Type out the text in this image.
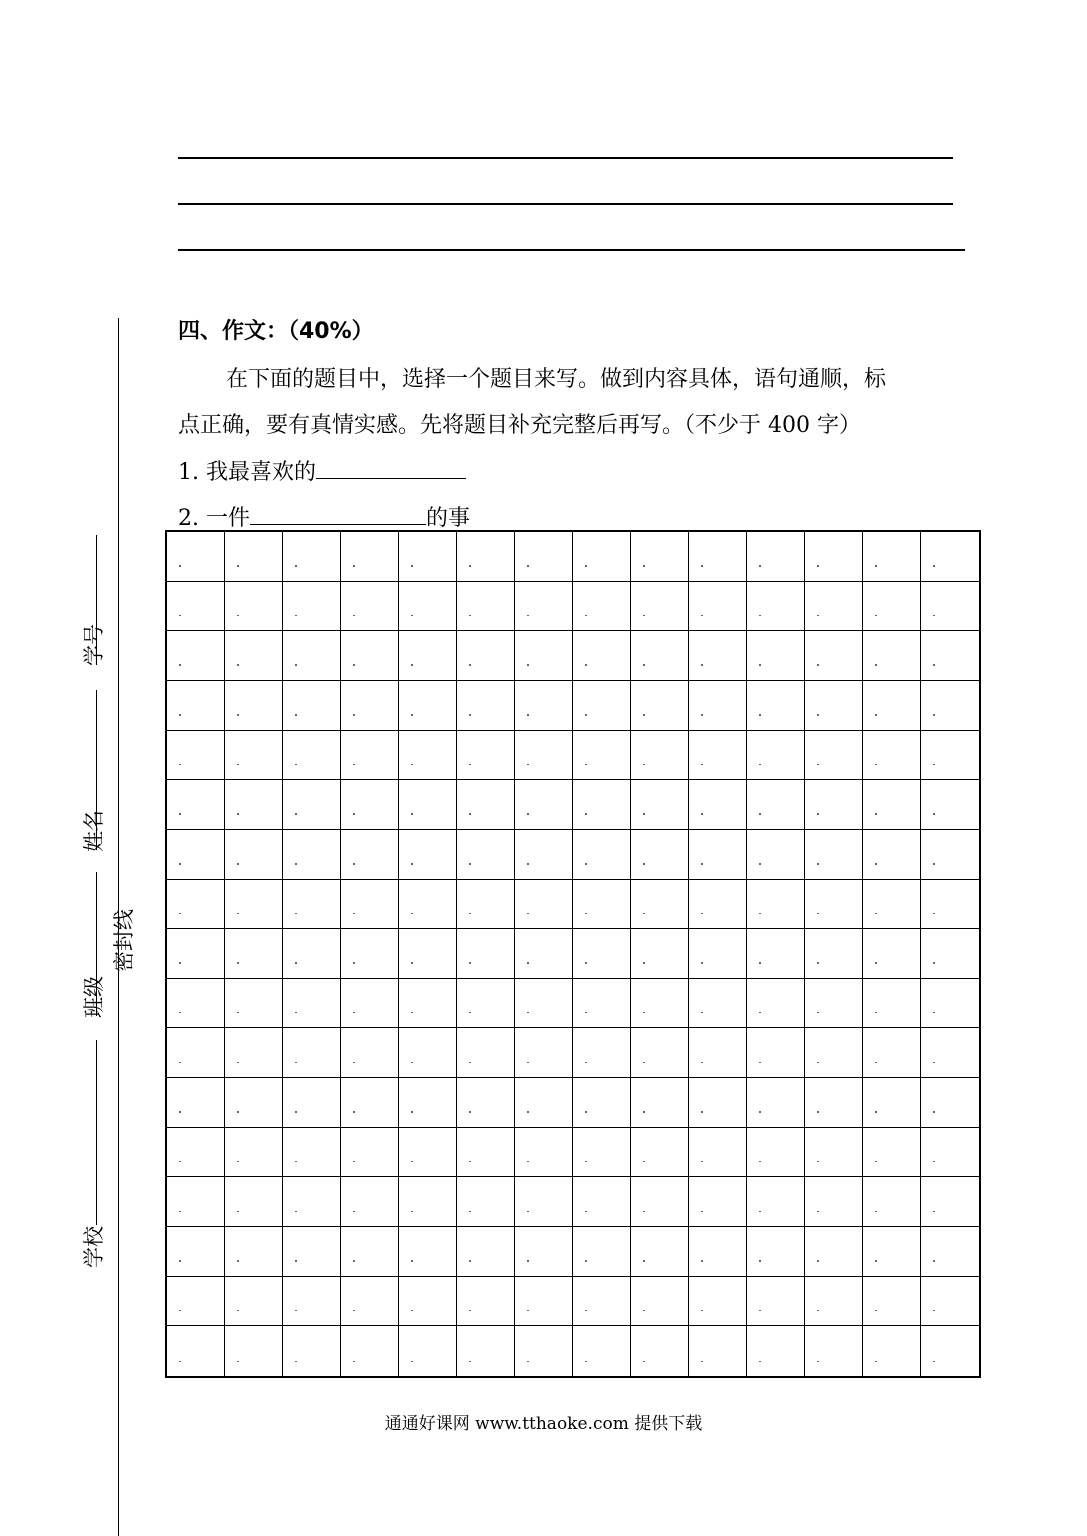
学号
姓名
班级
学校
密封线
四、作文：（40%）
在下面的题目中，选择一个题目来写。做到内容具体，语句通顺，标
点正确，要有真情实感。先将题目补充完整后再写。（不少于 400 字）
1. 我最喜欢的
2. 一件	的事
通通好课网 www.tthaoke.com 提供下载
